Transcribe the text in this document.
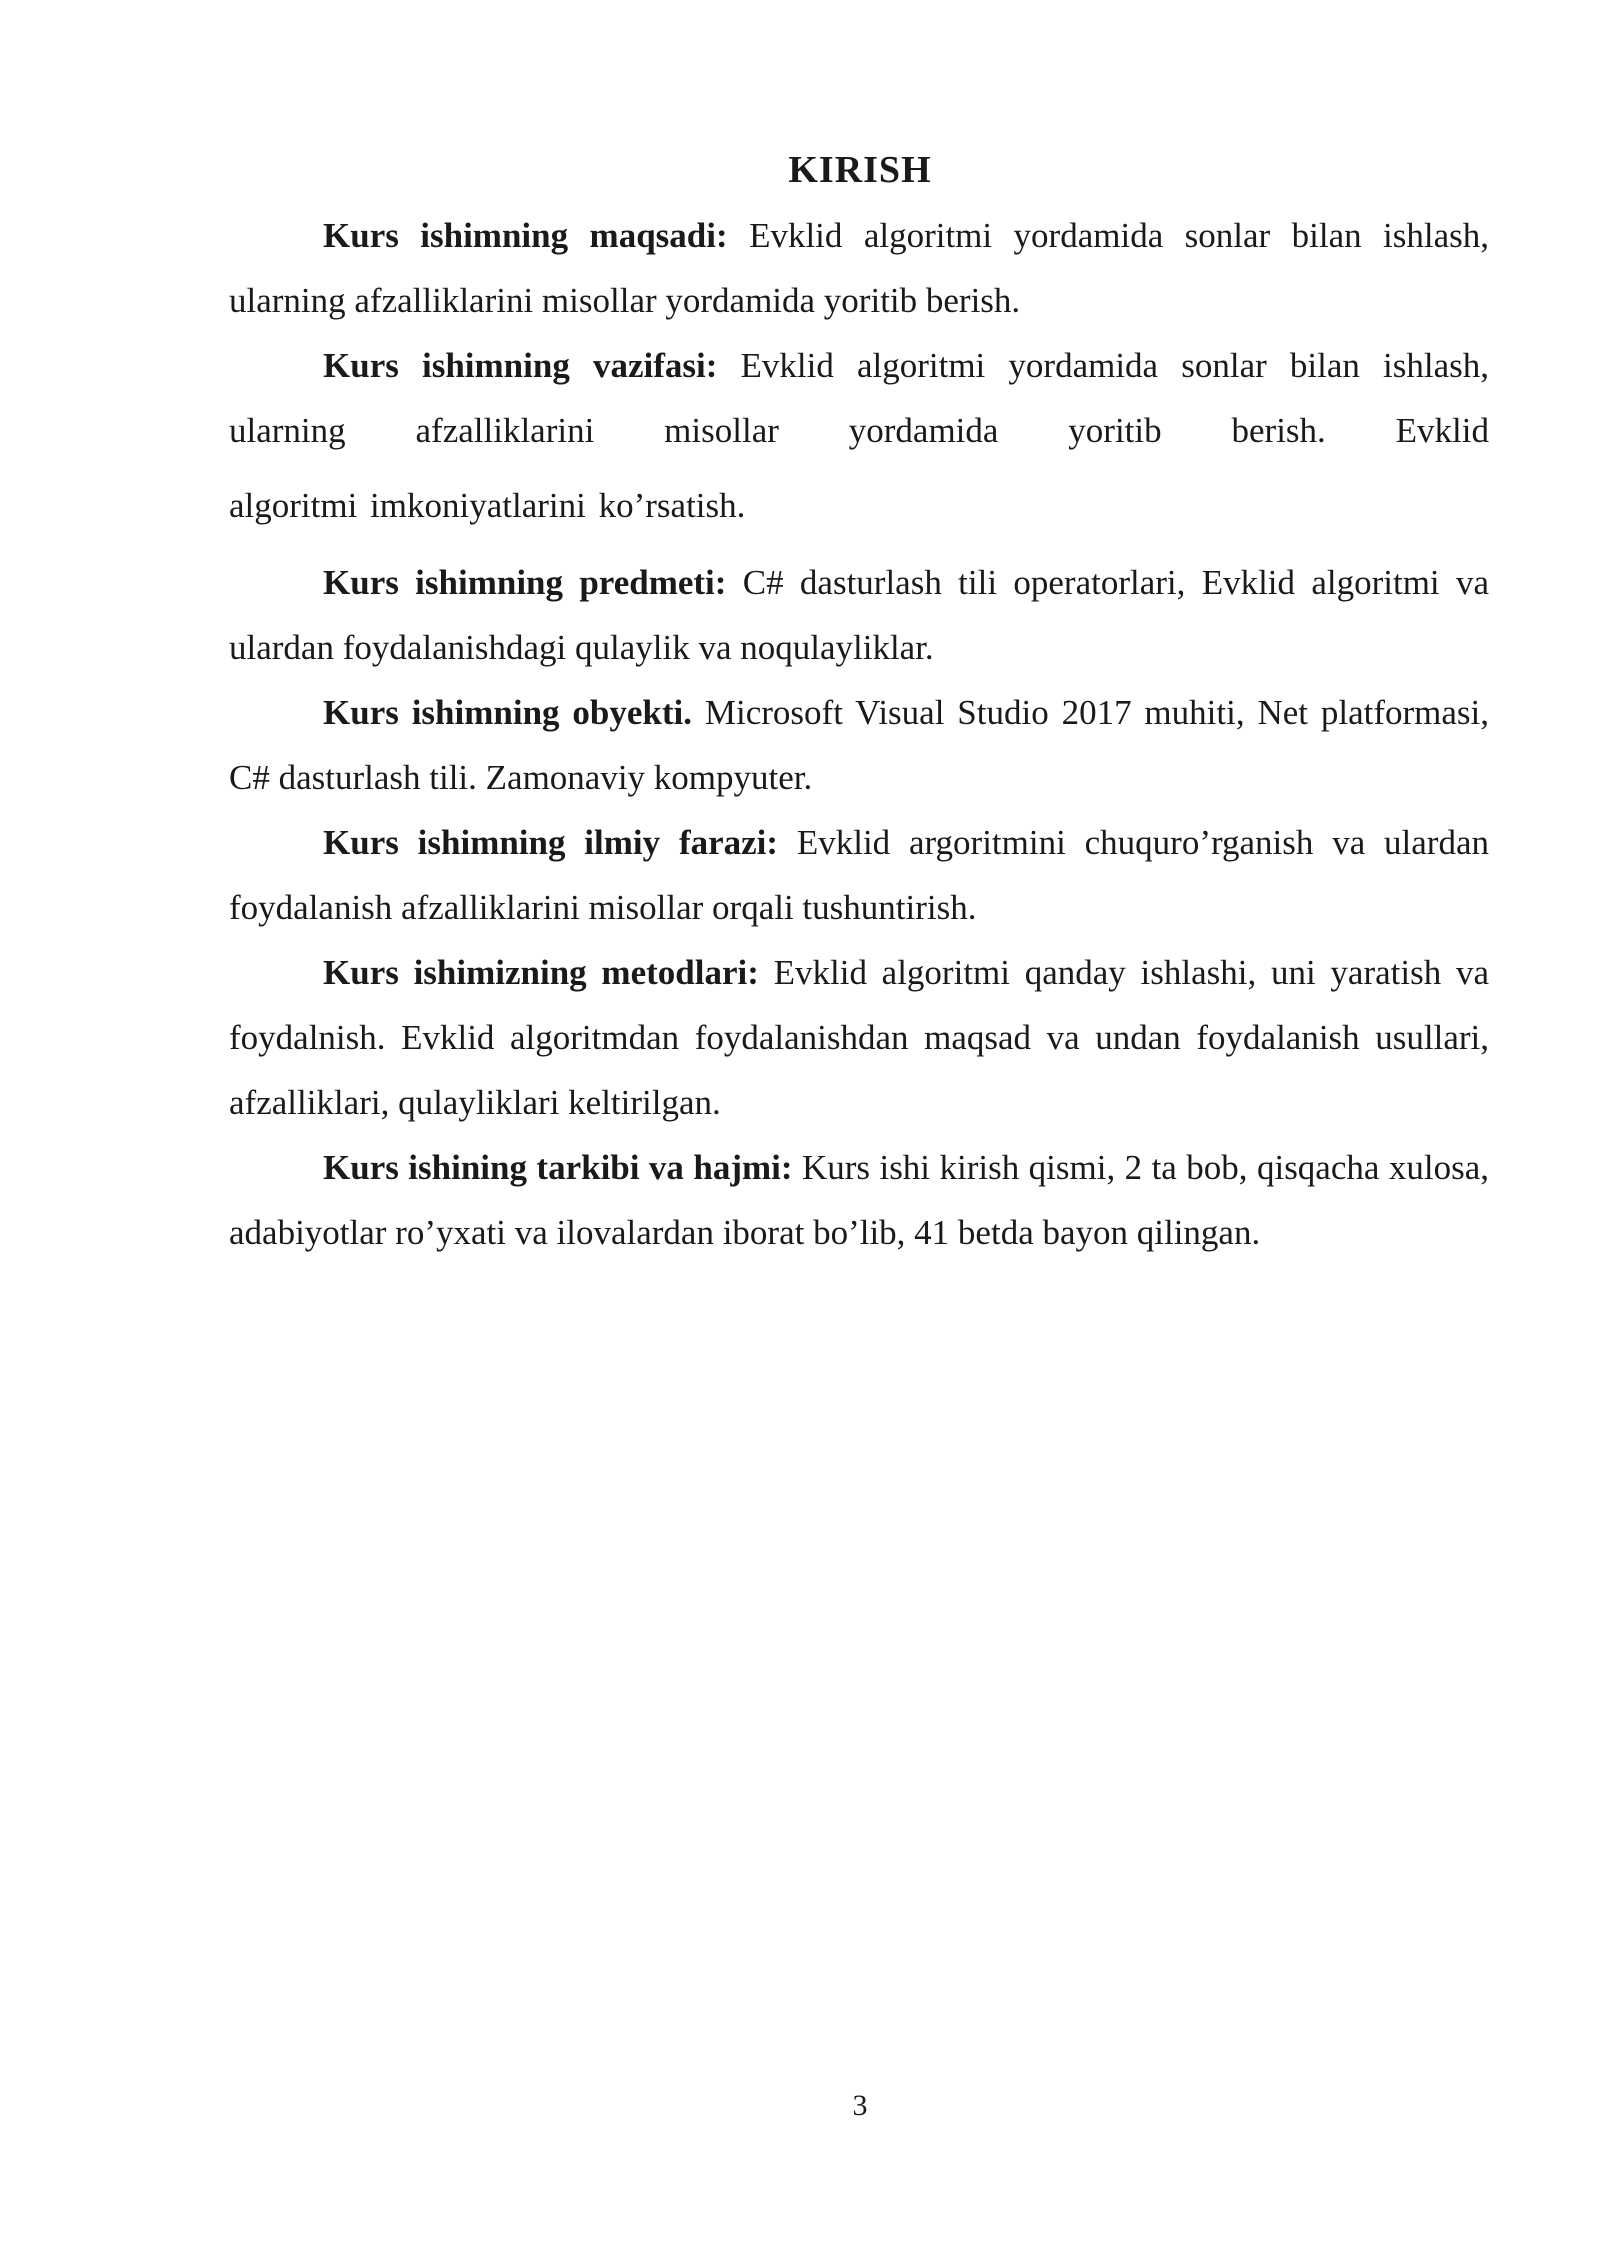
KIRISH

Kurs ishimning maqsadi: Evklid algoritmi yordamida sonlar bilan ishlash, ularning afzalliklarini misollar yordamida yoritib berish.

Kurs ishimning vazifasi: Evklid algoritmi yordamida sonlar bilan ishlash, ularning afzalliklarini misollar yordamida yoritib berish. Evklid

algoritmi imkoniyatlarini ko’rsatish.

Kurs ishimning predmeti: C# dasturlash tili operatorlari, Evklid algoritmi va ulardan foydalanishdagi qulaylik va noqulayliklar.

Kurs ishimning obyekti. Microsoft Visual Studio 2017 muhiti, Net platformasi, C# dasturlash tili. Zamonaviy kompyuter.

Kurs ishimning ilmiy farazi: Evklid argoritmini chuquro’rganish va ulardan foydalanish afzalliklarini misollar orqali tushuntirish.

Kurs ishimizning metodlari: Evklid algoritmi qanday ishlashi, uni yaratish va foydalnish. Evklid algoritmdan foydalanishdan maqsad va undan foydalanish usullari, afzalliklari, qulayliklari keltirilgan.

Kurs ishining tarkibi va hajmi: Kurs ishi kirish qismi, 2 ta bob, qisqacha xulosa, adabiyotlar ro’yxati va ilovalardan iborat bo’lib, 41 betda bayon qilingan.

3
